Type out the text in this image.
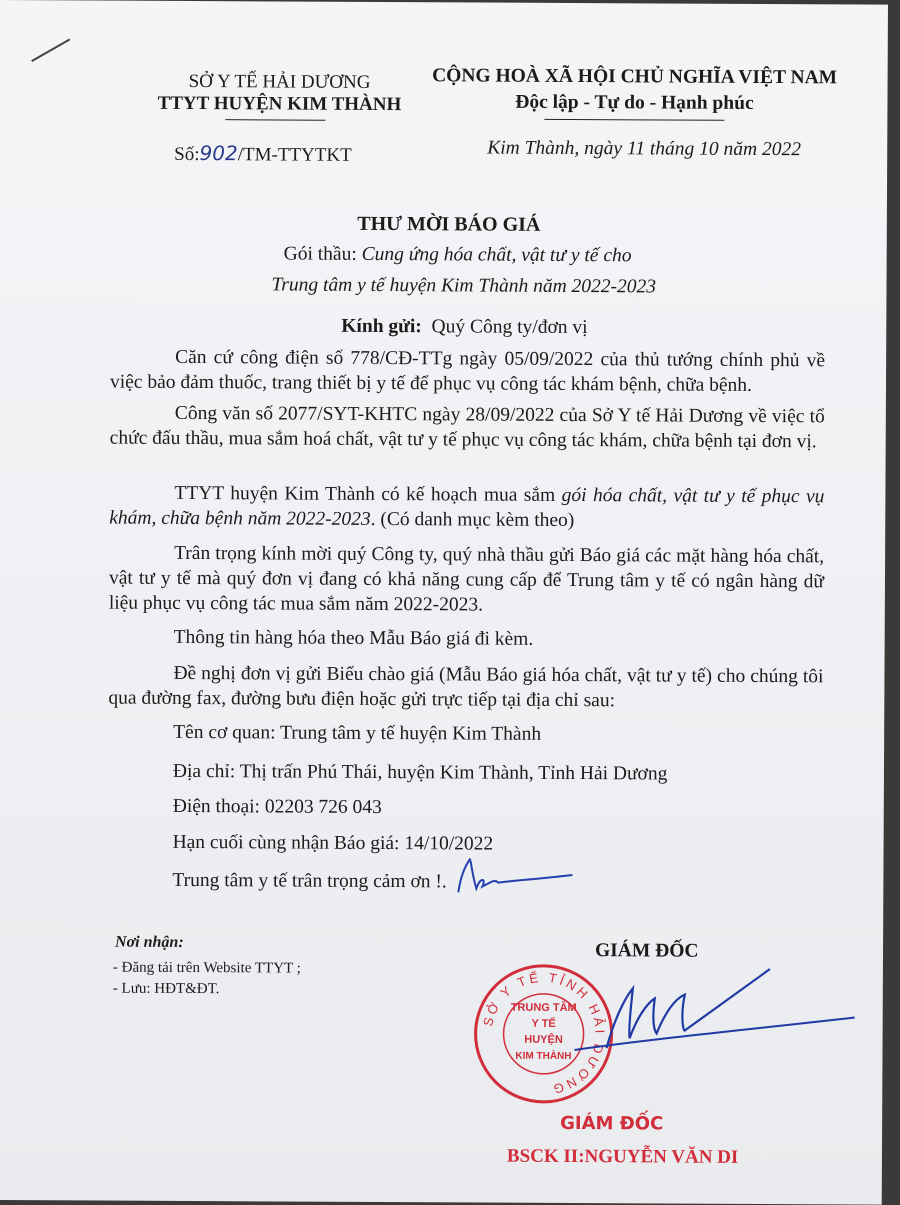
SỞ Y TẾ HẢI DƯƠNG
TTYT HUYỆN KIM THÀNH
Số:902/TM-TTYTKT
CỘNG HOÀ XÃ HỘI CHỦ NGHĨA VIỆT NAM
Độc lập - Tự do - Hạnh phúc
Kim Thành, ngày 11 tháng 10 năm 2022
THƯ MỜI BÁO GIÁ
Gói thầu: Cung ứng hóa chất, vật tư y tế cho
Trung tâm y tế huyện Kim Thành năm 2022-2023
Kính gửi: Quý Công ty/đơn vị
Căn cứ công điện số 778/CĐ-TTg ngày 05/09/2022 của thủ tướng chính phủ về việc bảo đảm thuốc, trang thiết bị y tế để phục vụ công tác khám bệnh, chữa bệnh.
Công văn số 2077/SYT-KHTC ngày 28/09/2022 của Sở Y tế Hải Dương về việc tổ chức đấu thầu, mua sắm hoá chất, vật tư y tế phục vụ công tác khám, chữa bệnh tại đơn vị.
TTYT huyện Kim Thành có kế hoạch mua sắm gói hóa chất, vật tư y tế phục vụ khám, chữa bệnh năm 2022-2023. (Có danh mục kèm theo)
Trân trọng kính mời quý Công ty, quý nhà thầu gửi Báo giá các mặt hàng hóa chất, vật tư y tế mà quý đơn vị đang có khả năng cung cấp để Trung tâm y tế có ngân hàng dữ liệu phục vụ công tác mua sắm năm 2022-2023.
Thông tin hàng hóa theo Mẫu Báo giá đi kèm.
Đề nghị đơn vị gửi Biểu chào giá (Mẫu Báo giá hóa chất, vật tư y tế) cho chúng tôi qua đường fax, đường bưu điện hoặc gửi trực tiếp tại địa chỉ sau:
Tên cơ quan: Trung tâm y tế huyện Kim Thành
Địa chỉ: Thị trấn Phú Thái, huyện Kim Thành, Tỉnh Hải Dương
Điện thoại: 02203 726 043
Hạn cuối cùng nhận Báo giá: 14/10/2022
Trung tâm y tế trân trọng cảm ơn !.
Nơi nhận:
- Đăng tải trên Website TTYT ;
- Lưu: HĐT&ĐT.
GIÁM ĐỐC
SỞ Y TẾ TỈNH HẢI DƯƠNG
TRUNG TÂM
Y TẾ
HUYỆN
KIM THÀNH
GIÁM ĐỐC
BSCK II:NGUYỄN VĂN DI
